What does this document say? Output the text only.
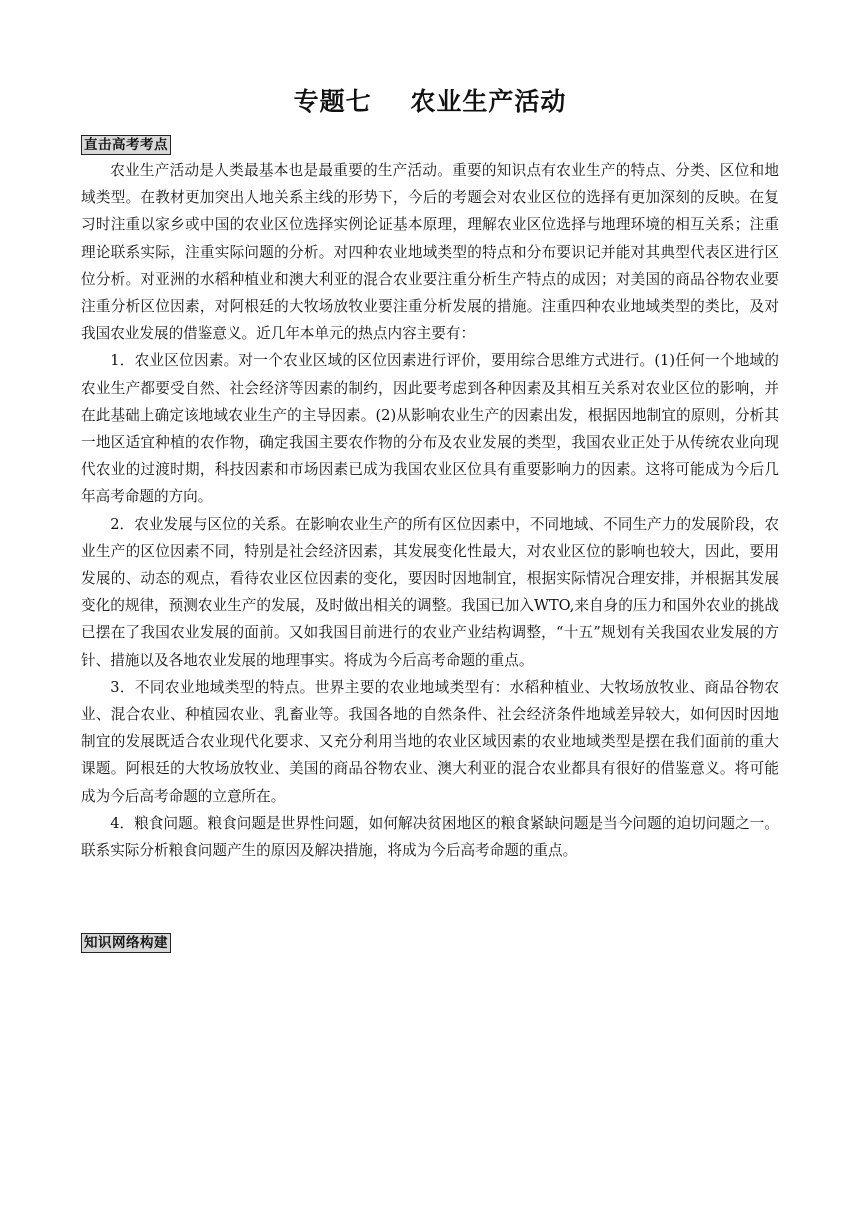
专题七    农业生产活动
直击高考考点

农业生产活动是人类最基本也是最重要的生产活动。重要的知识点有农业生产的特点、分类、区位和地域类型。在教材更加突出人地关系主线的形势下，今后的考题会对农业区位的选择有更加深刻的反映。在复习时注重以家乡或中国的农业区位选择实例论证基本原理，理解农业区位选择与地理环境的相互关系；注重理论联系实际，注重实际问题的分析。对四种农业地域类型的特点和分布要识记并能对其典型代表区进行区位分析。对亚洲的水稻种植业和澳大利亚的混合农业要注重分析生产特点的成因；对美国的商品谷物农业要注重分析区位因素，对阿根廷的大牧场放牧业要注重分析发展的措施。注重四种农业地域类型的类比，及对我国农业发展的借鉴意义。近几年本单元的热点内容主要有：

1．农业区位因素。对一个农业区域的区位因素进行评价，要用综合思维方式进行。(1)任何一个地域的农业生产都要受自然、社会经济等因素的制约，因此要考虑到各种因素及其相互关系对农业区位的影响，并在此基础上确定该地域农业生产的主导因素。(2)从影响农业生产的因素出发，根据因地制宜的原则，分析其一地区适宜种植的农作物，确定我国主要农作物的分布及农业发展的类型，我国农业正处于从传统农业向现代农业的过渡时期，科技因素和市场因素已成为我国农业区位具有重要影响力的因素。这将可能成为今后几年高考命题的方向。

2．农业发展与区位的关系。在影响农业生产的所有区位因素中，不同地域、不同生产力的发展阶段，农业生产的区位因素不同，特别是社会经济因素，其发展变化性最大，对农业区位的影响也较大，因此，要用发展的、动态的观点，看待农业区位因素的变化，要因时因地制宜，根据实际情况合理安排，并根据其发展变化的规律，预测农业生产的发展，及时做出相关的调整。我国已加入WTO,来自身的压力和国外农业的挑战已摆在了我国农业发展的面前。又如我国目前进行的农业产业结构调整，“十五”规划有关我国农业发展的方针、措施以及各地农业发展的地理事实。将成为今后高考命题的重点。

3．不同农业地域类型的特点。世界主要的农业地域类型有：水稻种植业、大牧场放牧业、商品谷物农业、混合农业、种植园农业、乳畜业等。我国各地的自然条件、社会经济条件地域差异较大，如何因时因地制宜的发展既适合农业现代化要求、又充分利用当地的农业区域因素的农业地域类型是摆在我们面前的重大课题。阿根廷的大牧场放牧业、美国的商品谷物农业、澳大利亚的混合农业都具有很好的借鉴意义。将可能成为今后高考命题的立意所在。

4．粮食问题。粮食问题是世界性问题，如何解决贫困地区的粮食紧缺问题是当今问题的迫切问题之一。联系实际分析粮食问题产生的原因及解决措施，将成为今后高考命题的重点。

知识网络构建
